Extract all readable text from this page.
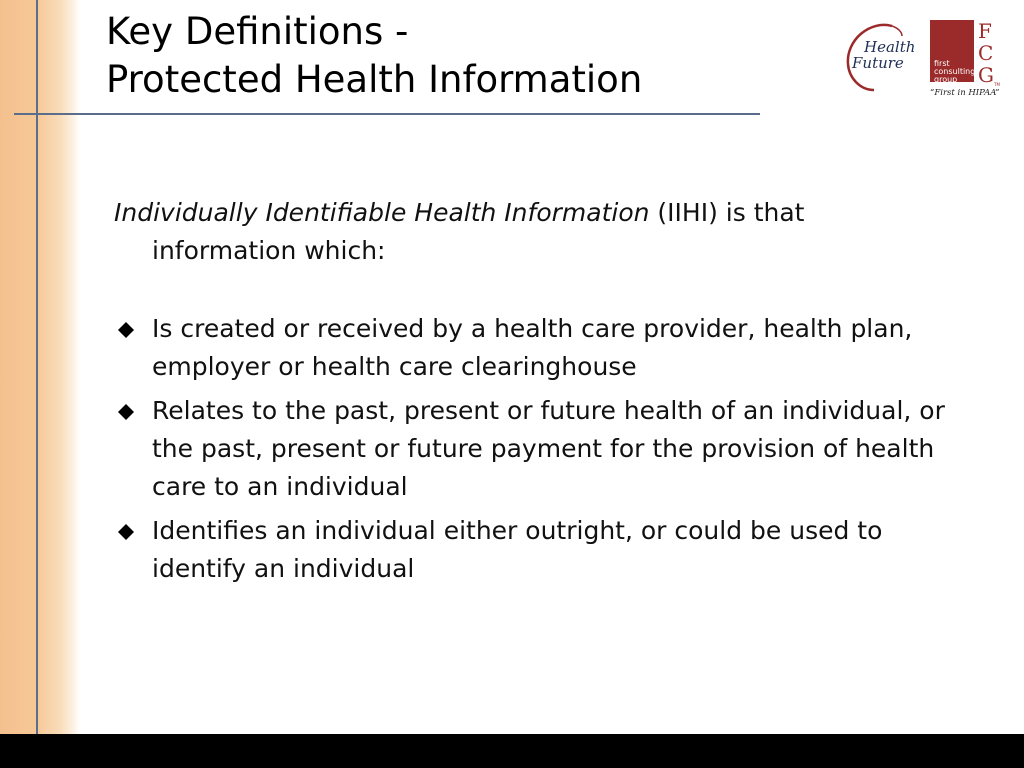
Key Definitions -
Protected Health Information
Health
Future	first
consulting
group
F
C
G TM
“First in HIPAA”

Individually Identifiable Health Information (IIHI) is that information which:

Is created or received by a health care provider, health plan, employer or health care clearinghouse
Relates to the past, present or future health of an individual, or the past, present or future payment for the provision of health care to an individual
Identifies an individual either outright, or could be used to identify an individual
